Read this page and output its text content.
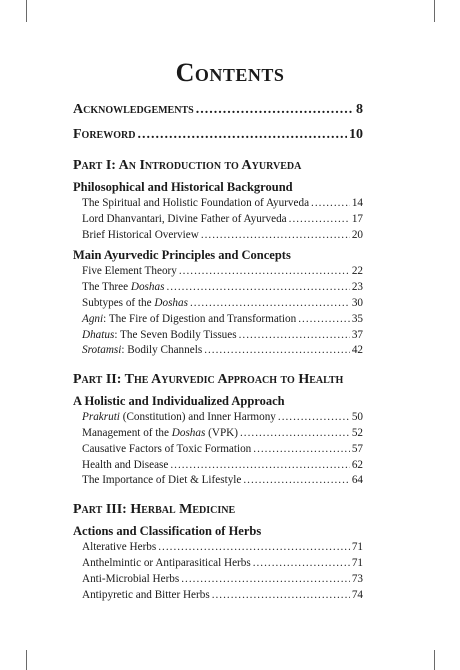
Contents
Acknowledgements .....	8
Foreword .....	10
Part I: An Introduction to Ayurveda
Philosophical and Historical Background
The Spiritual and Holistic Foundation of Ayurveda .....	14
Lord Dhanvantari, Divine Father of Ayurveda .....	17
Brief Historical Overview .....	20
Main Ayurvedic Principles and Concepts
Five Element Theory .....	22
The Three Doshas .....	23
Subtypes of the Doshas .....	30
Agni: The Fire of Digestion and Transformation .....	35
Dhatus: The Seven Bodily Tissues .....	37
Srotamsi: Bodily Channels .....	42
Part II: The Ayurvedic Approach to Health
A Holistic and Individualized Approach
Prakruti (Constitution) and Inner Harmony .....	50
Management of the Doshas (VPK) .....	52
Causative Factors of Toxic Formation .....	57
Health and Disease .....	62
The Importance of Diet & Lifestyle .....	64
Part III: Herbal Medicine
Actions and Classification of Herbs
Alterative Herbs .....	71
Anthelmintic or Antiparasitical Herbs .....	71
Anti-Microbial Herbs .....	73
Antipyretic and Bitter Herbs .....	74
